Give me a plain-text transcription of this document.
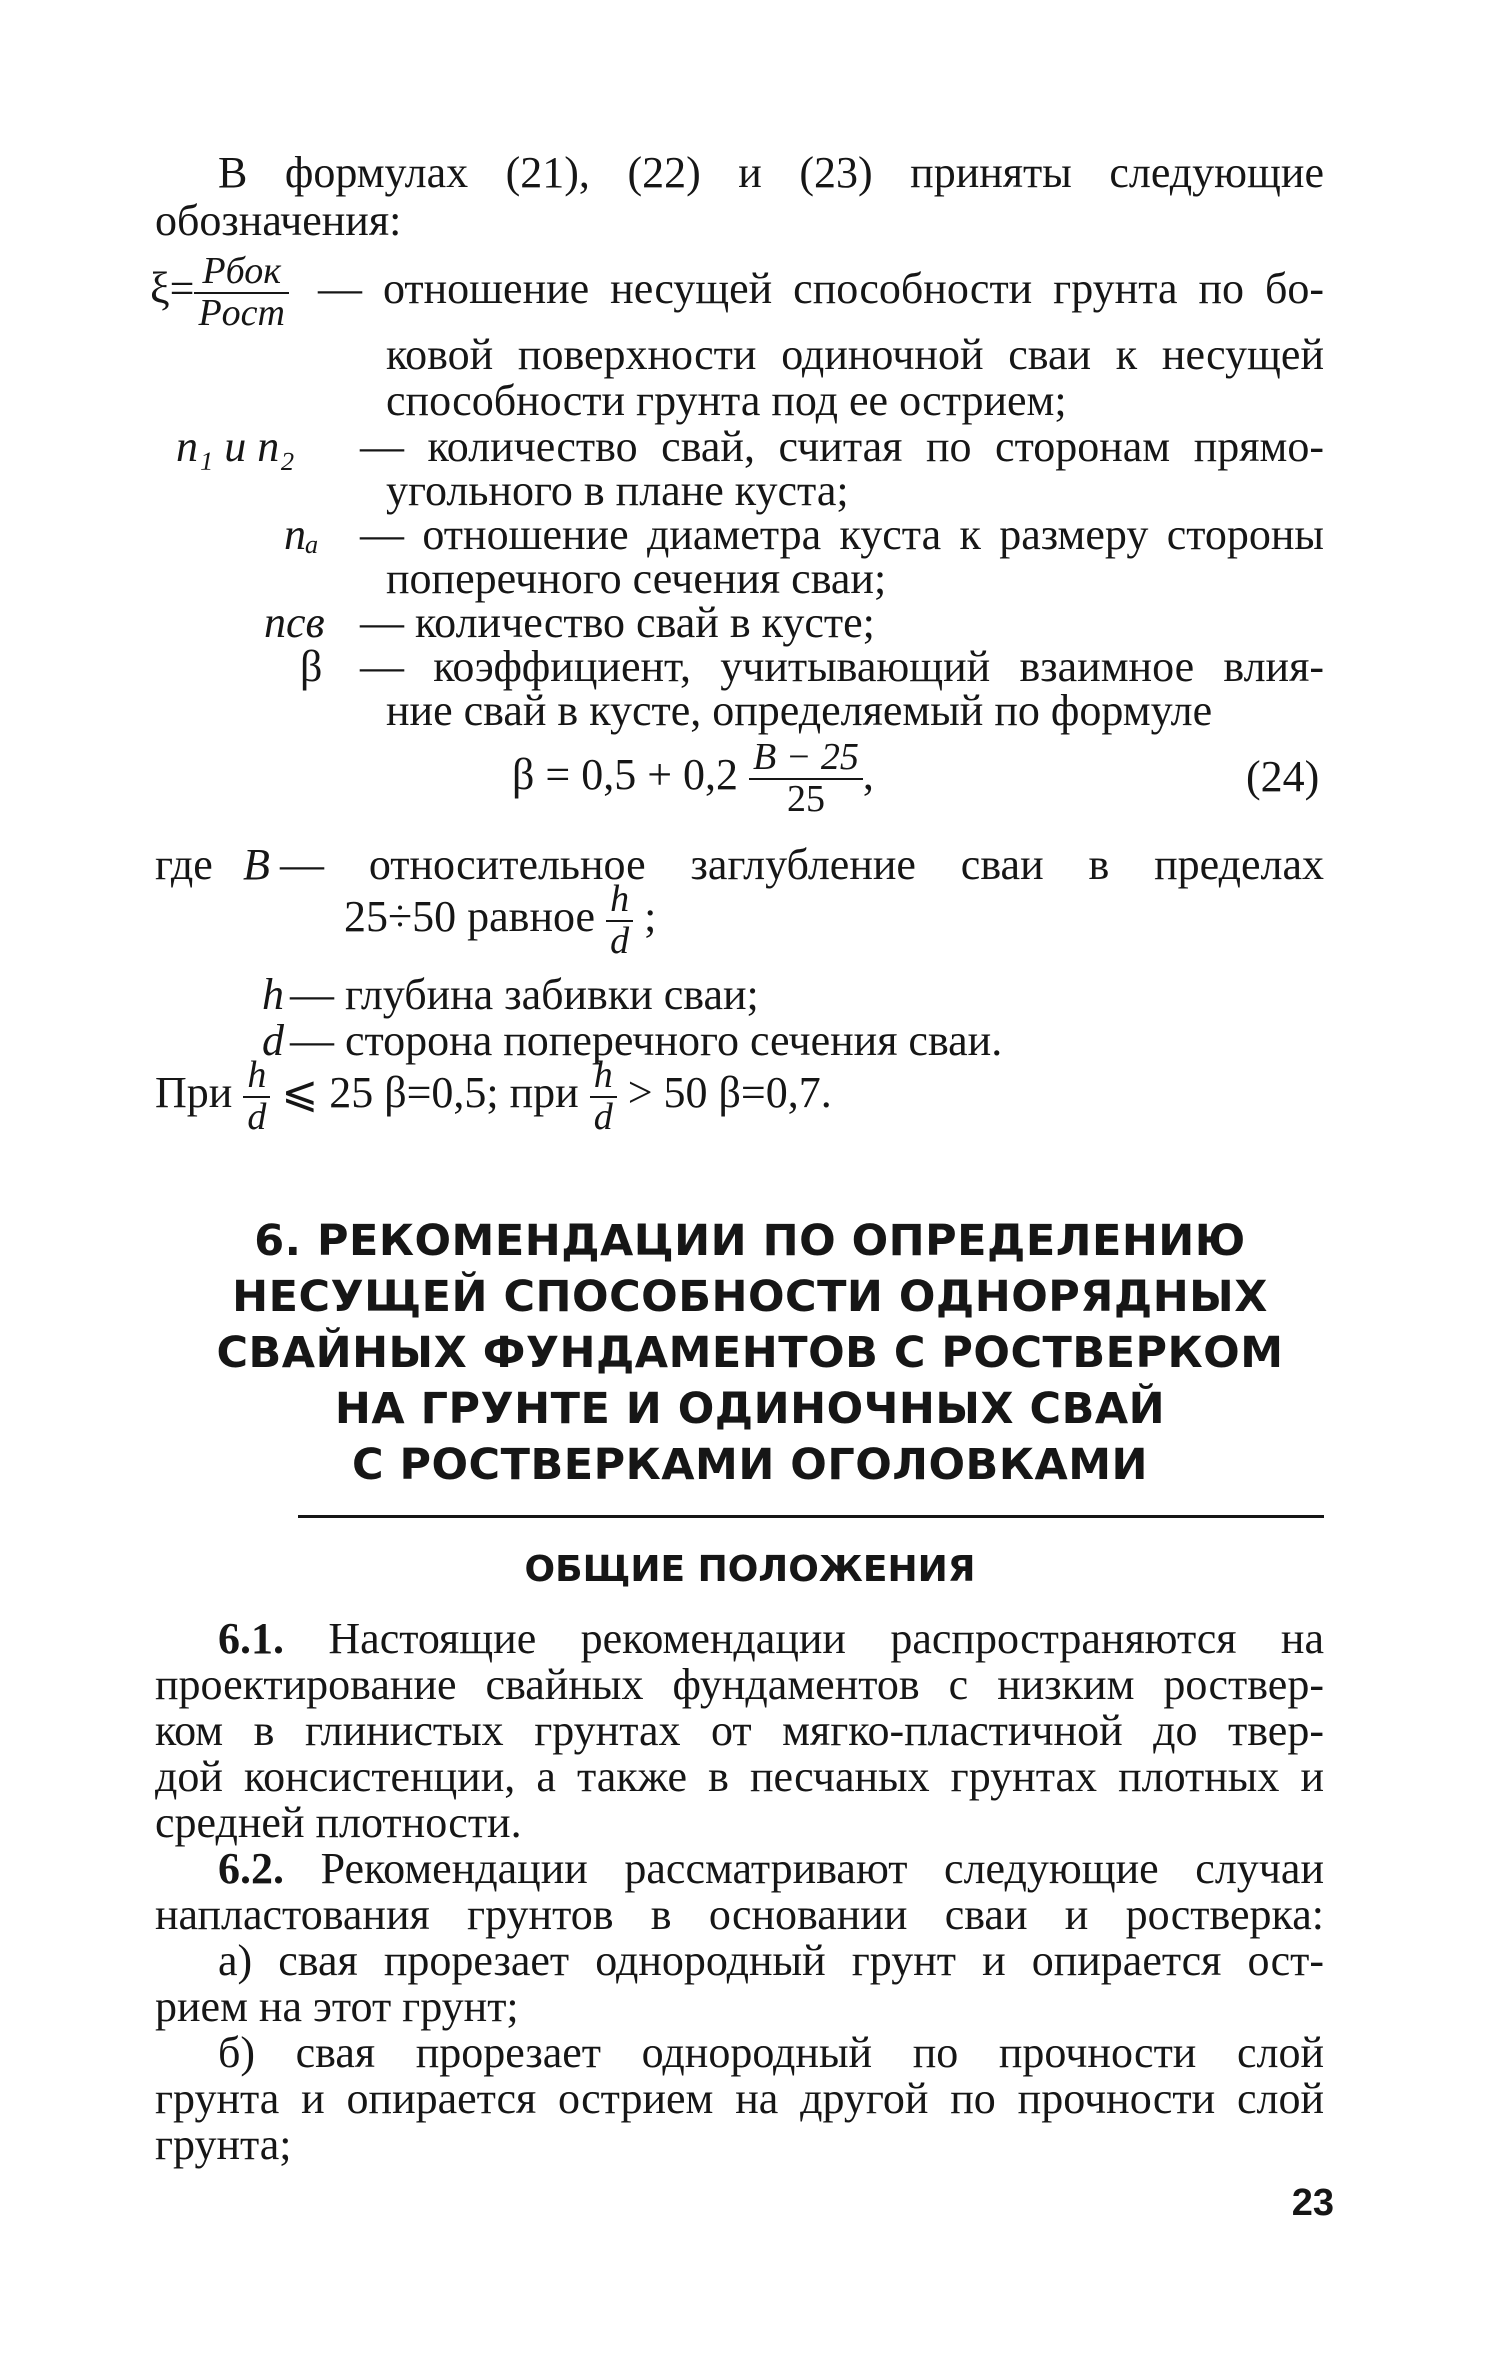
В формулах (21), (22) и (23) приняты следующие
обозначения:
$\xi= \frac{\text{Pбок}}{\text{Pост}}$ — отношение несущей способности грунта по бо-
ковой поверхности одиночной сваи к несущей
способности грунта под ее острием;
n₁ и n₂ — количество свай, считая по сторонам прямо-
угольного в плане куста;
nₐ — отношение диаметра куста к размеру стороны
поперечного сечения сваи;
nсв — количество свай в кусте;
β — коэффициент, учитывающий взаимное влия-
ние свай в кусте, определяемый по формуле
$\beta = 0,5 + 0,2 \frac{B - 25}{25}$ ,	(24)
где B — относительное заглубление сваи в пределах
25÷50 равное $\frac{h}{d}$ ;
h — глубина забивки сваи;
d — сторона поперечного сечения сваи.
При $\frac{h}{d}$ ⩽ 25 β=0,5; при $\frac{h}{d} > 50$ β=0,7.
6. РЕКОМЕНДАЦИИ ПО ОПРЕДЕЛЕНИЮ
НЕСУЩЕЙ СПОСОБНОСТИ ОДНОРЯДНЫХ
СВАЙНЫХ ФУНДАМЕНТОВ С РОСТВЕРКОМ
НА ГРУНТЕ И ОДИНОЧНЫХ СВАЙ
С РОСТВЕРКАМИ ОГОЛОВКАМИ
ОБЩИЕ ПОЛОЖЕНИЯ
6.1. Настоящие рекомендации распространяются на
проектирование свайных фундаментов с низким роствер-
ком в глинистых грунтах от мягко-пластичной до твер-
дой консистенции, а также в песчаных грунтах плотных и
средней плотности.
6.2. Рекомендации рассматривают следующие случаи
напластования грунтов в основании сваи и ростверка:
а) свая прорезает однородный грунт и опирается ост-
рием на этот грунт;
б) свая прорезает однородный по прочности слой
грунта и опирается острием на другой по прочности слой
грунта;
23
